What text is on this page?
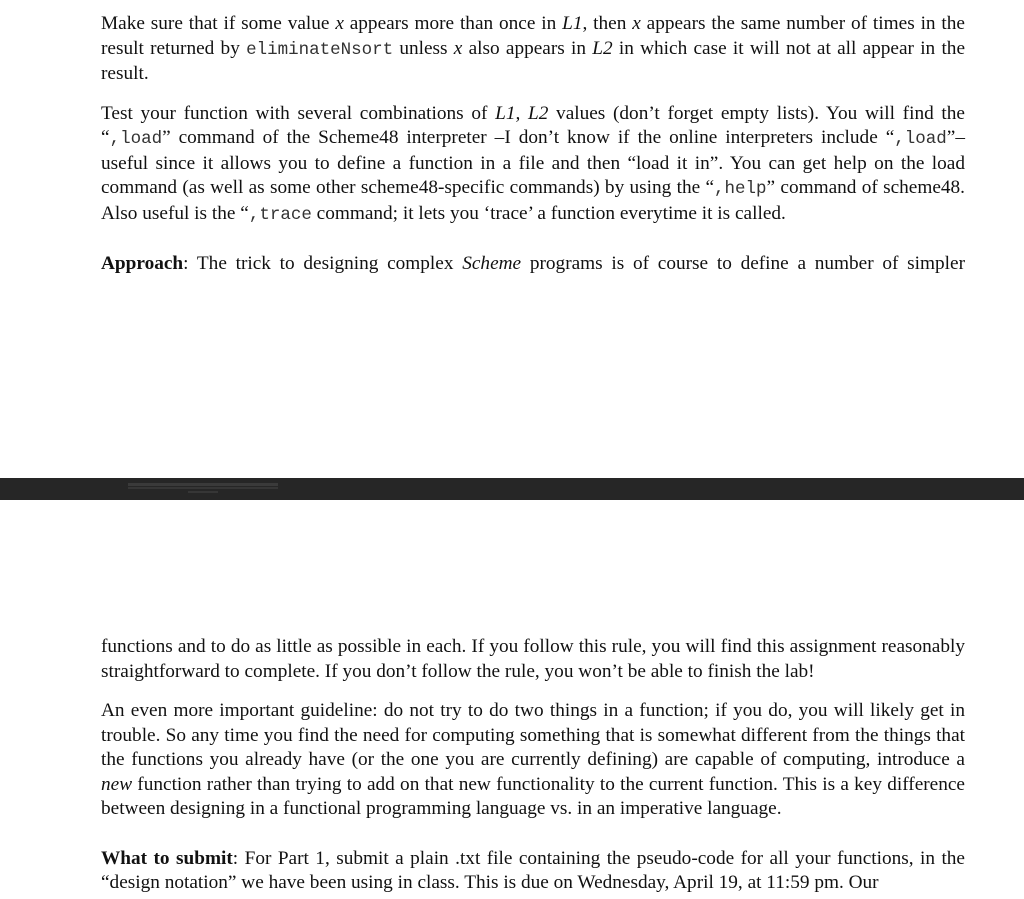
Make sure that if some value x appears more than once in L1, then x appears the same number of times in the result returned by eliminateNsort unless x also appears in L2 in which case it will not at all appear in the result.

Test your function with several combinations of L1, L2 values (don’t forget empty lists). You will find the “,load” command of the Scheme48 interpreter –I don’t know if the online interpreters include “,load”– useful since it allows you to define a function in a file and then “load it in”. You can get help on the load command (as well as some other scheme48-specific commands) by using the “,help” command of scheme48. Also useful is the “,trace command; it lets you ‘trace’ a function everytime it is called.

Approach: The trick to designing complex Scheme programs is of course to define a number of simpler

functions and to do as little as possible in each. If you follow this rule, you will find this assignment reasonably straightforward to complete. If you don’t follow the rule, you won’t be able to finish the lab!

An even more important guideline: do not try to do two things in a function; if you do, you will likely get in trouble. So any time you find the need for computing something that is somewhat different from the things that the functions you already have (or the one you are currently defining) are capable of computing, introduce a new function rather than trying to add on that new functionality to the current function. This is a key difference between designing in a functional programming language vs. in an imperative language.

What to submit: For Part 1, submit a plain .txt file containing the pseudo-code for all your functions, in the “design notation” we have been using in class. This is due on Wednesday, April 19, at 11:59 pm. Our
